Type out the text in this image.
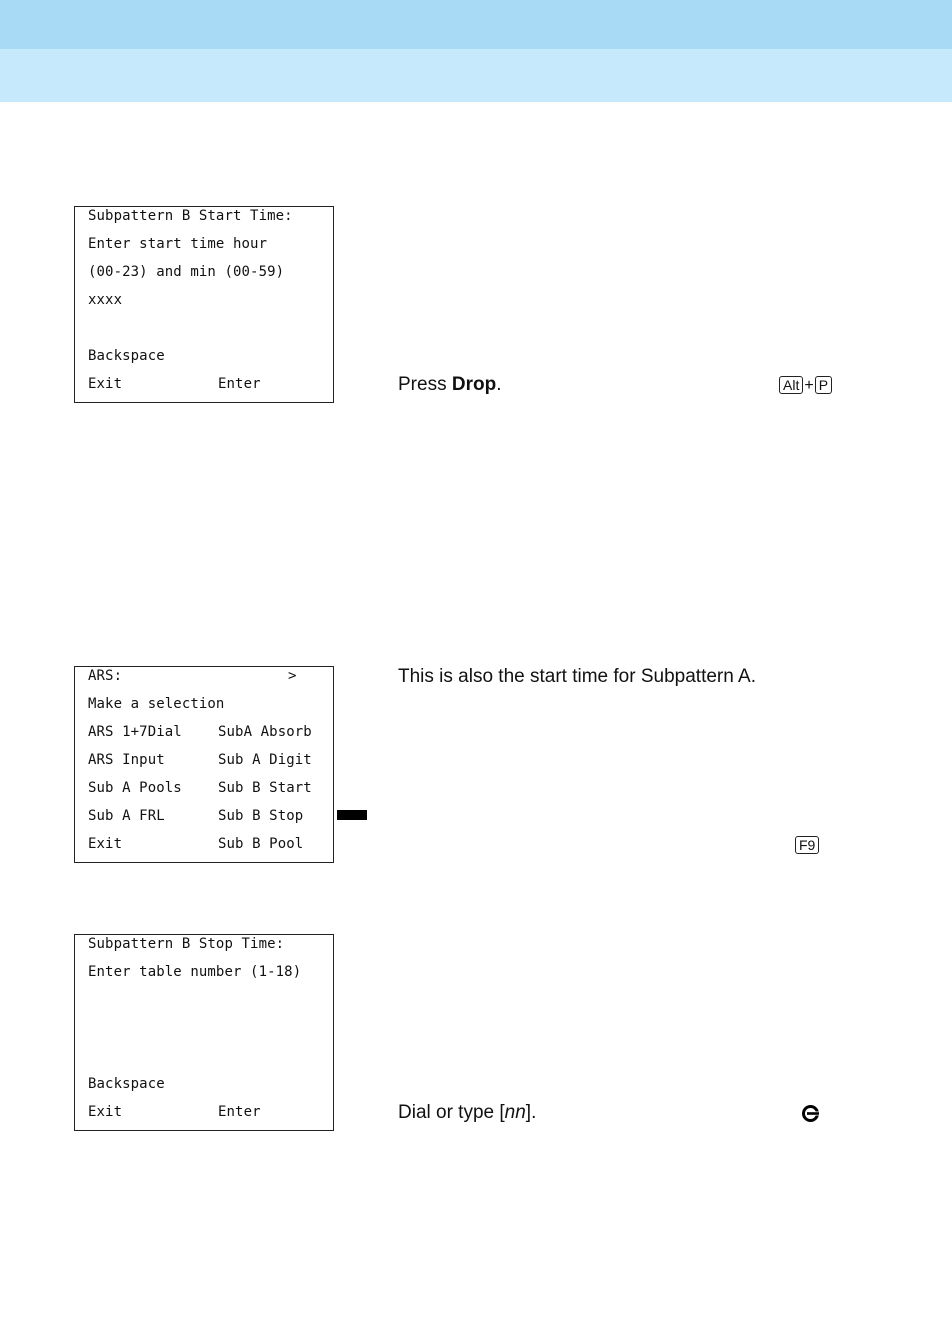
Subpattern B Start Time:
Enter start time hour
(00-23) and min (00-59)
xxxx
Backspace
Exit	Enter	Press Drop.	Alt + P
ARS:	>
Make a selection
ARS 1+7Dial	SubA Absorb
ARS Input	Sub A Digit
Sub A Pools	Sub B Start
Sub A FRL	Sub B Stop
Exit	Sub B Pool
This is also the start time for Subpattern A.
F9
Subpattern B Stop Time:
Enter table number (1-18)
Backspace
Exit	Enter	Dial or type [nn].
